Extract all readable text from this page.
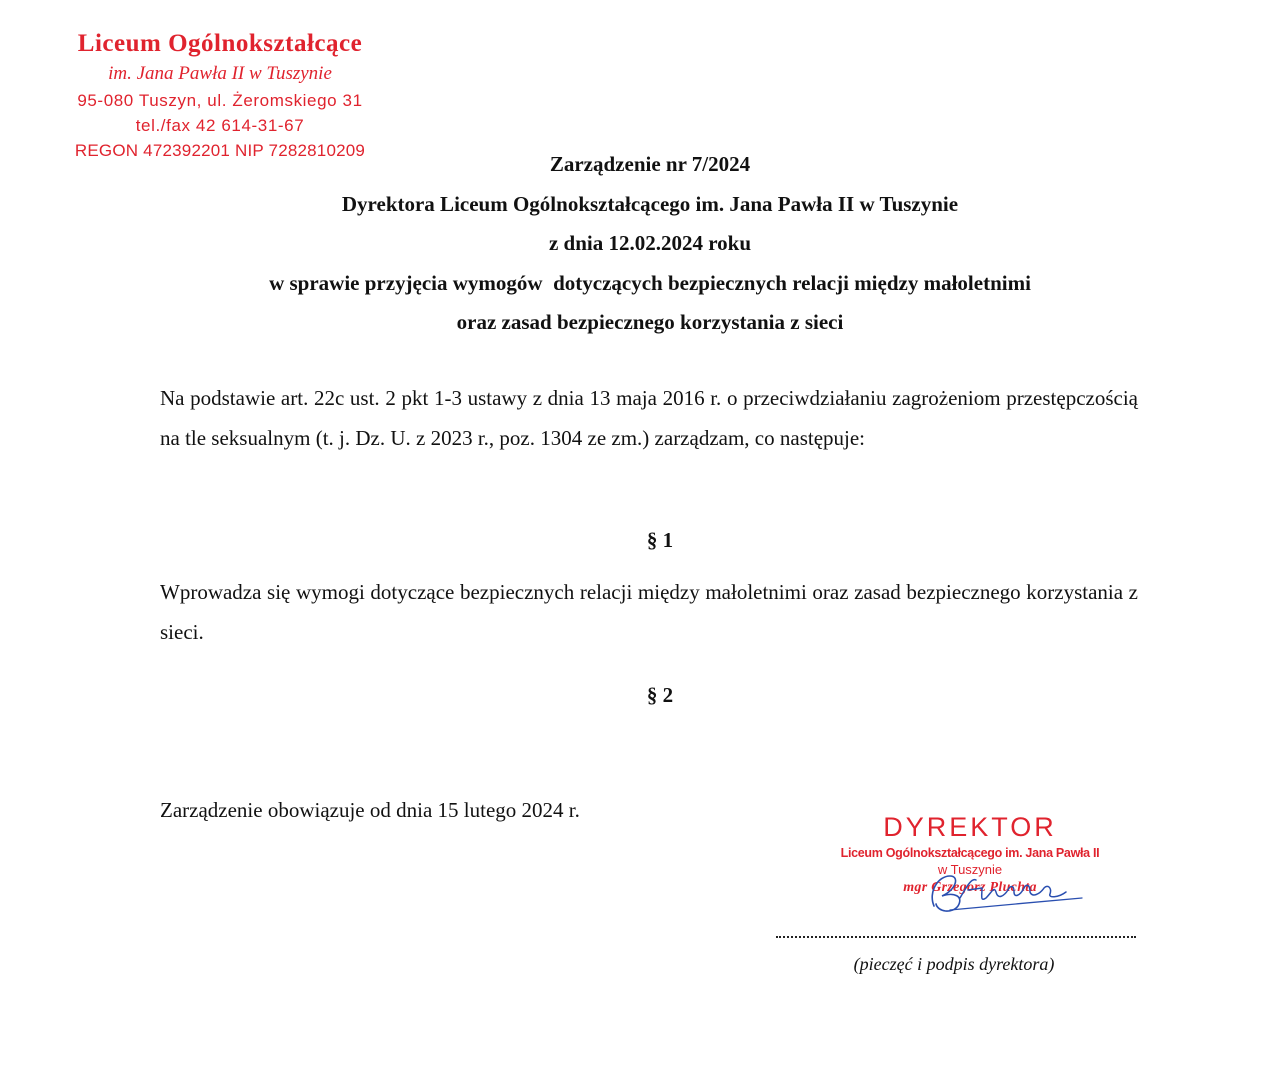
Liceum Ogólnokształcące
im. Jana Pawła II w Tuszynie
95-080 Tuszyn, ul. Żeromskiego 31
tel./fax 42 614-31-67
REGON 472392201 NIP 7282810209
Zarządzenie nr 7/2024
Dyrektora Liceum Ogólnokształcącego im. Jana Pawła II w Tuszynie
z dnia 12.02.2024 roku
w sprawie przyjęcia wymogów  dotyczących bezpiecznych relacji między małoletnimi
oraz zasad bezpiecznego korzystania z sieci
Na podstawie art. 22c ust. 2 pkt 1-3 ustawy z dnia 13 maja 2016 r. o przeciwdziałaniu zagrożeniom przestępczością na tle seksualnym (t. j. Dz. U. z 2023 r., poz. 1304 ze zm.) zarządzam, co następuje:
§ 1
Wprowadza się wymogi dotyczące bezpiecznych relacji między małoletnimi oraz zasad bezpiecznego korzystania z sieci.
§ 2
Zarządzenie obowiązuje od dnia 15 lutego 2024 r.
DYREKTOR
Liceum Ogólnokształcącego im. Jana Pawła II
w Tuszynie
mgr Grzegorz Pluchta
(pieczęć i podpis dyrektora)
